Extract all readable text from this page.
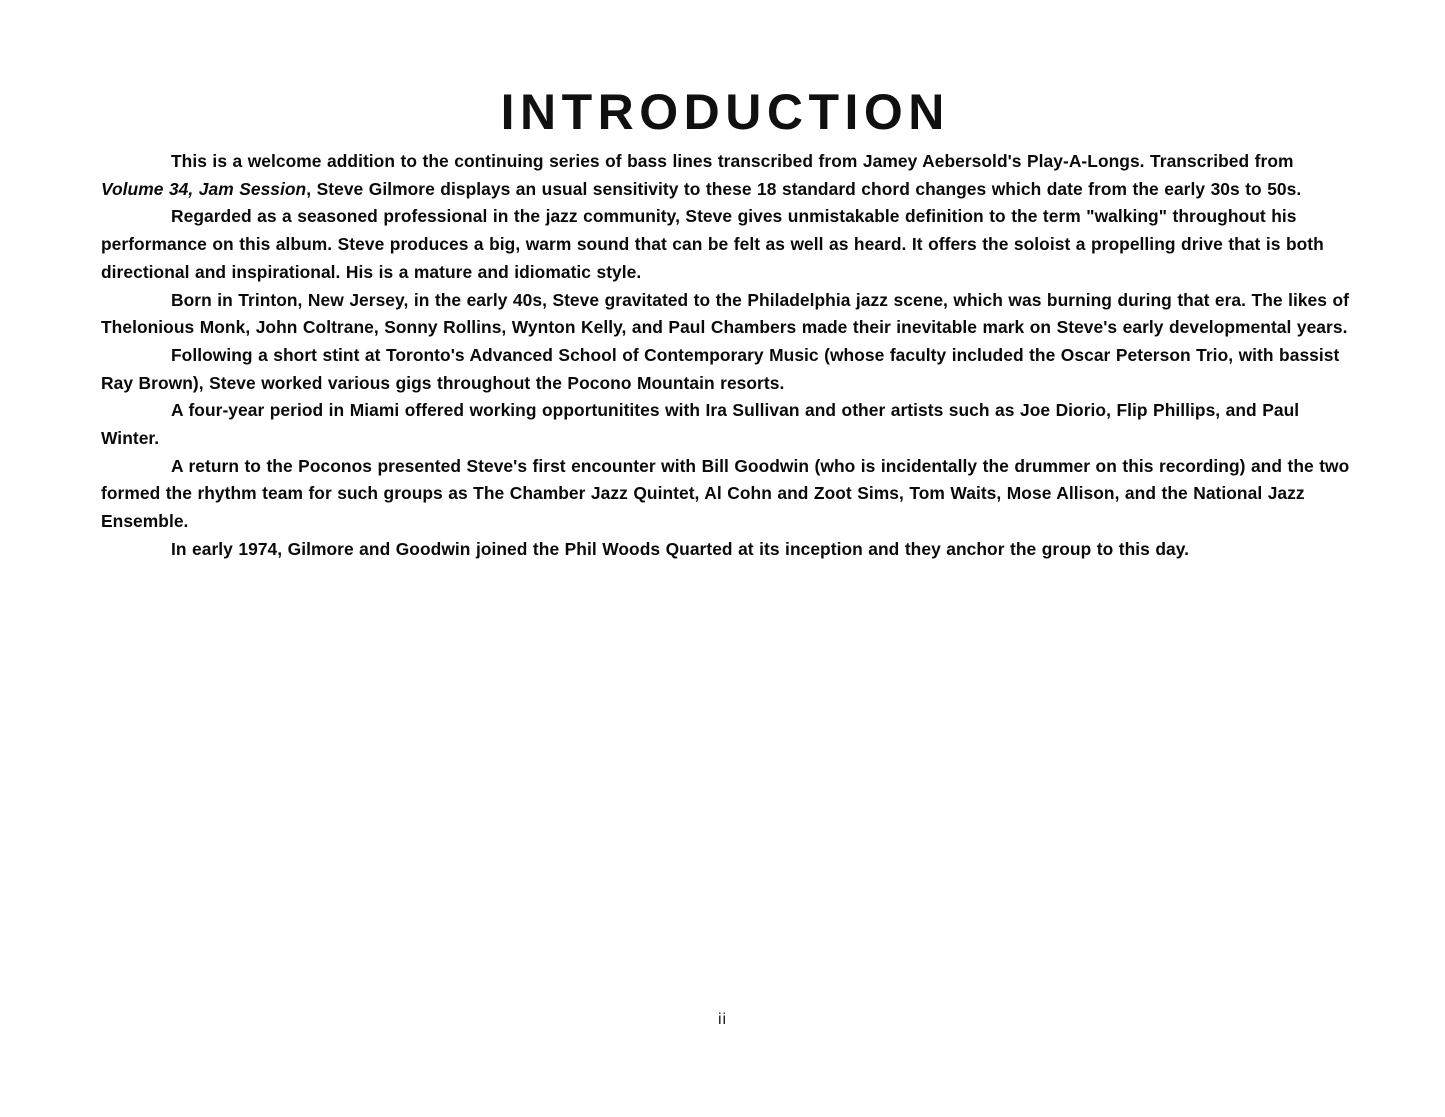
INTRODUCTION

This is a welcome addition to the continuing series of bass lines transcribed from Jamey Aebersold's Play-A-Longs. Transcribed from Volume 34, Jam Session, Steve Gilmore displays an usual sensitivity to these 18 standard chord changes which date from the early 30s to 50s.

Regarded as a seasoned professional in the jazz community, Steve gives unmistakable definition to the term "walking" throughout his performance on this album. Steve produces a big, warm sound that can be felt as well as heard. It offers the soloist a propelling drive that is both directional and inspirational. His is a mature and idiomatic style.

Born in Trinton, New Jersey, in the early 40s, Steve gravitated to the Philadelphia jazz scene, which was burning during that era. The likes of Thelonious Monk, John Coltrane, Sonny Rollins, Wynton Kelly, and Paul Chambers made their inevitable mark on Steve's early developmental years.

Following a short stint at Toronto's Advanced School of Contemporary Music (whose faculty included the Oscar Peterson Trio, with bassist Ray Brown), Steve worked various gigs throughout the Pocono Mountain resorts.

A four-year period in Miami offered working opportunitites with Ira Sullivan and other artists such as Joe Diorio, Flip Phillips, and Paul Winter.

A return to the Poconos presented Steve's first encounter with Bill Goodwin (who is incidentally the drummer on this recording) and the two formed the rhythm team for such groups as The Chamber Jazz Quintet, Al Cohn and Zoot Sims, Tom Waits, Mose Allison, and the National Jazz Ensemble.

In early 1974, Gilmore and Goodwin joined the Phil Woods Quarted at its inception and they anchor the group to this day.

ii
